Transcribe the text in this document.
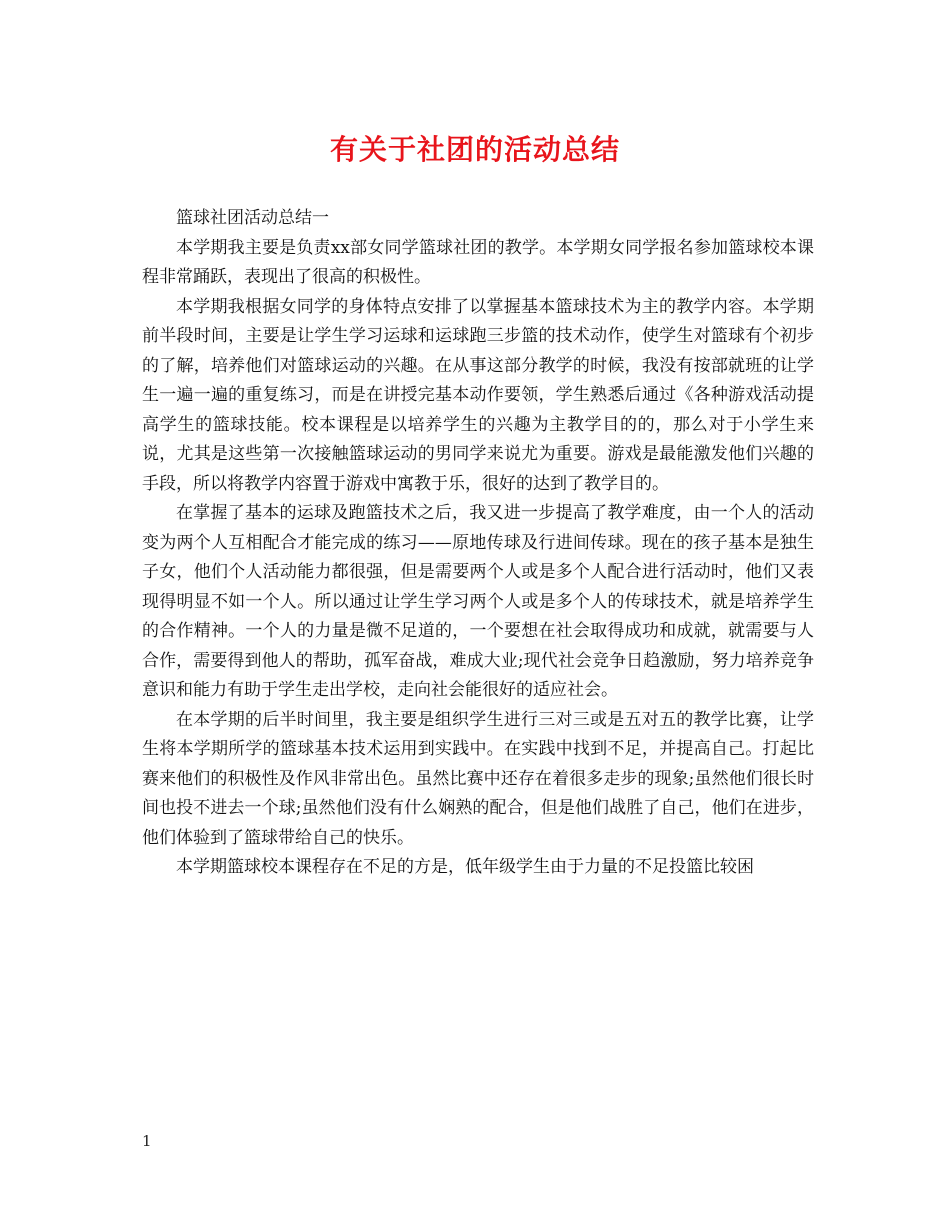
有关于社团的活动总结

篮球社团活动总结一

本学期我主要是负责xx部女同学篮球社团的教学。本学期女同学报名参加篮球校本课程非常踊跃，表现出了很高的积极性。

本学期我根据女同学的身体特点安排了以掌握基本篮球技术为主的教学内容。本学期前半段时间，主要是让学生学习运球和运球跑三步篮的技术动作，使学生对篮球有个初步的了解，培养他们对篮球运动的兴趣。在从事这部分教学的时候，我没有按部就班的让学生一遍一遍的重复练习，而是在讲授完基本动作要领，学生熟悉后通过《各种游戏活动提高学生的篮球技能。校本课程是以培养学生的兴趣为主教学目的的，那么对于小学生来说，尤其是这些第一次接触篮球运动的男同学来说尤为重要。游戏是最能激发他们兴趣的手段，所以将教学内容置于游戏中寓教于乐，很好的达到了教学目的。

在掌握了基本的运球及跑篮技术之后，我又进一步提高了教学难度，由一个人的活动变为两个人互相配合才能完成的练习——原地传球及行进间传球。现在的孩子基本是独生子女，他们个人活动能力都很强，但是需要两个人或是多个人配合进行活动时，他们又表现得明显不如一个人。所以通过让学生学习两个人或是多个人的传球技术，就是培养学生的合作精神。一个人的力量是微不足道的，一个要想在社会取得成功和成就，就需要与人合作，需要得到他人的帮助，孤军奋战，难成大业;现代社会竞争日趋激励，努力培养竞争意识和能力有助于学生走出学校，走向社会能很好的适应社会。

在本学期的后半时间里，我主要是组织学生进行三对三或是五对五的教学比赛，让学生将本学期所学的篮球基本技术运用到实践中。在实践中找到不足，并提高自己。打起比赛来他们的积极性及作风非常出色。虽然比赛中还存在着很多走步的现象;虽然他们很长时间也投不进去一个球;虽然他们没有什么娴熟的配合，但是他们战胜了自己，他们在进步，他们体验到了篮球带给自己的快乐。

本学期篮球校本课程存在不足的方是，低年级学生由于力量的不足投篮比较困

1
